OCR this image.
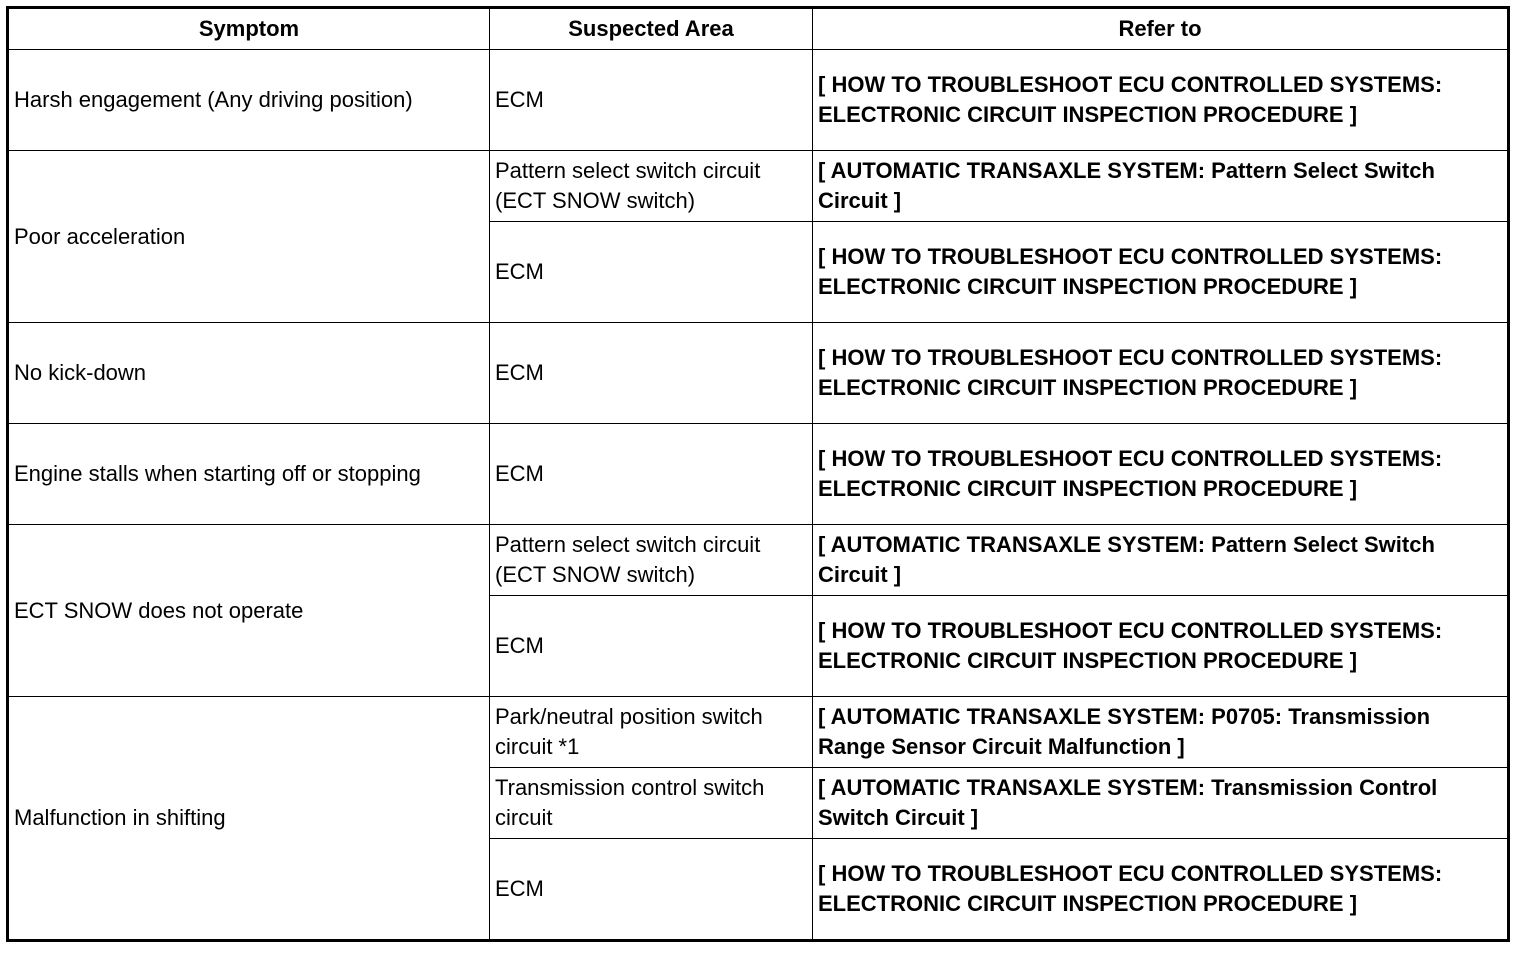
Symptom	Suspected Area	Refer to
Harsh engagement (Any driving position)	ECM	[ HOW TO TROUBLESHOOT ECU CONTROLLED SYSTEMS: ELECTRONIC CIRCUIT INSPECTION PROCEDURE ]
Poor acceleration	Pattern select switch circuit (ECT SNOW switch)	[ AUTOMATIC TRANSAXLE SYSTEM: Pattern Select Switch Circuit ]
	ECM	[ HOW TO TROUBLESHOOT ECU CONTROLLED SYSTEMS: ELECTRONIC CIRCUIT INSPECTION PROCEDURE ]
No kick-down	ECM	[ HOW TO TROUBLESHOOT ECU CONTROLLED SYSTEMS: ELECTRONIC CIRCUIT INSPECTION PROCEDURE ]
Engine stalls when starting off or stopping	ECM	[ HOW TO TROUBLESHOOT ECU CONTROLLED SYSTEMS: ELECTRONIC CIRCUIT INSPECTION PROCEDURE ]
ECT SNOW does not operate	Pattern select switch circuit (ECT SNOW switch)	[ AUTOMATIC TRANSAXLE SYSTEM: Pattern Select Switch Circuit ]
	ECM	[ HOW TO TROUBLESHOOT ECU CONTROLLED SYSTEMS: ELECTRONIC CIRCUIT INSPECTION PROCEDURE ]
Malfunction in shifting	Park/neutral position switch circuit *1	[ AUTOMATIC TRANSAXLE SYSTEM: P0705: Transmission Range Sensor Circuit Malfunction ]
	Transmission control switch circuit	[ AUTOMATIC TRANSAXLE SYSTEM: Transmission Control Switch Circuit ]
	ECM	[ HOW TO TROUBLESHOOT ECU CONTROLLED SYSTEMS: ELECTRONIC CIRCUIT INSPECTION PROCEDURE ]
